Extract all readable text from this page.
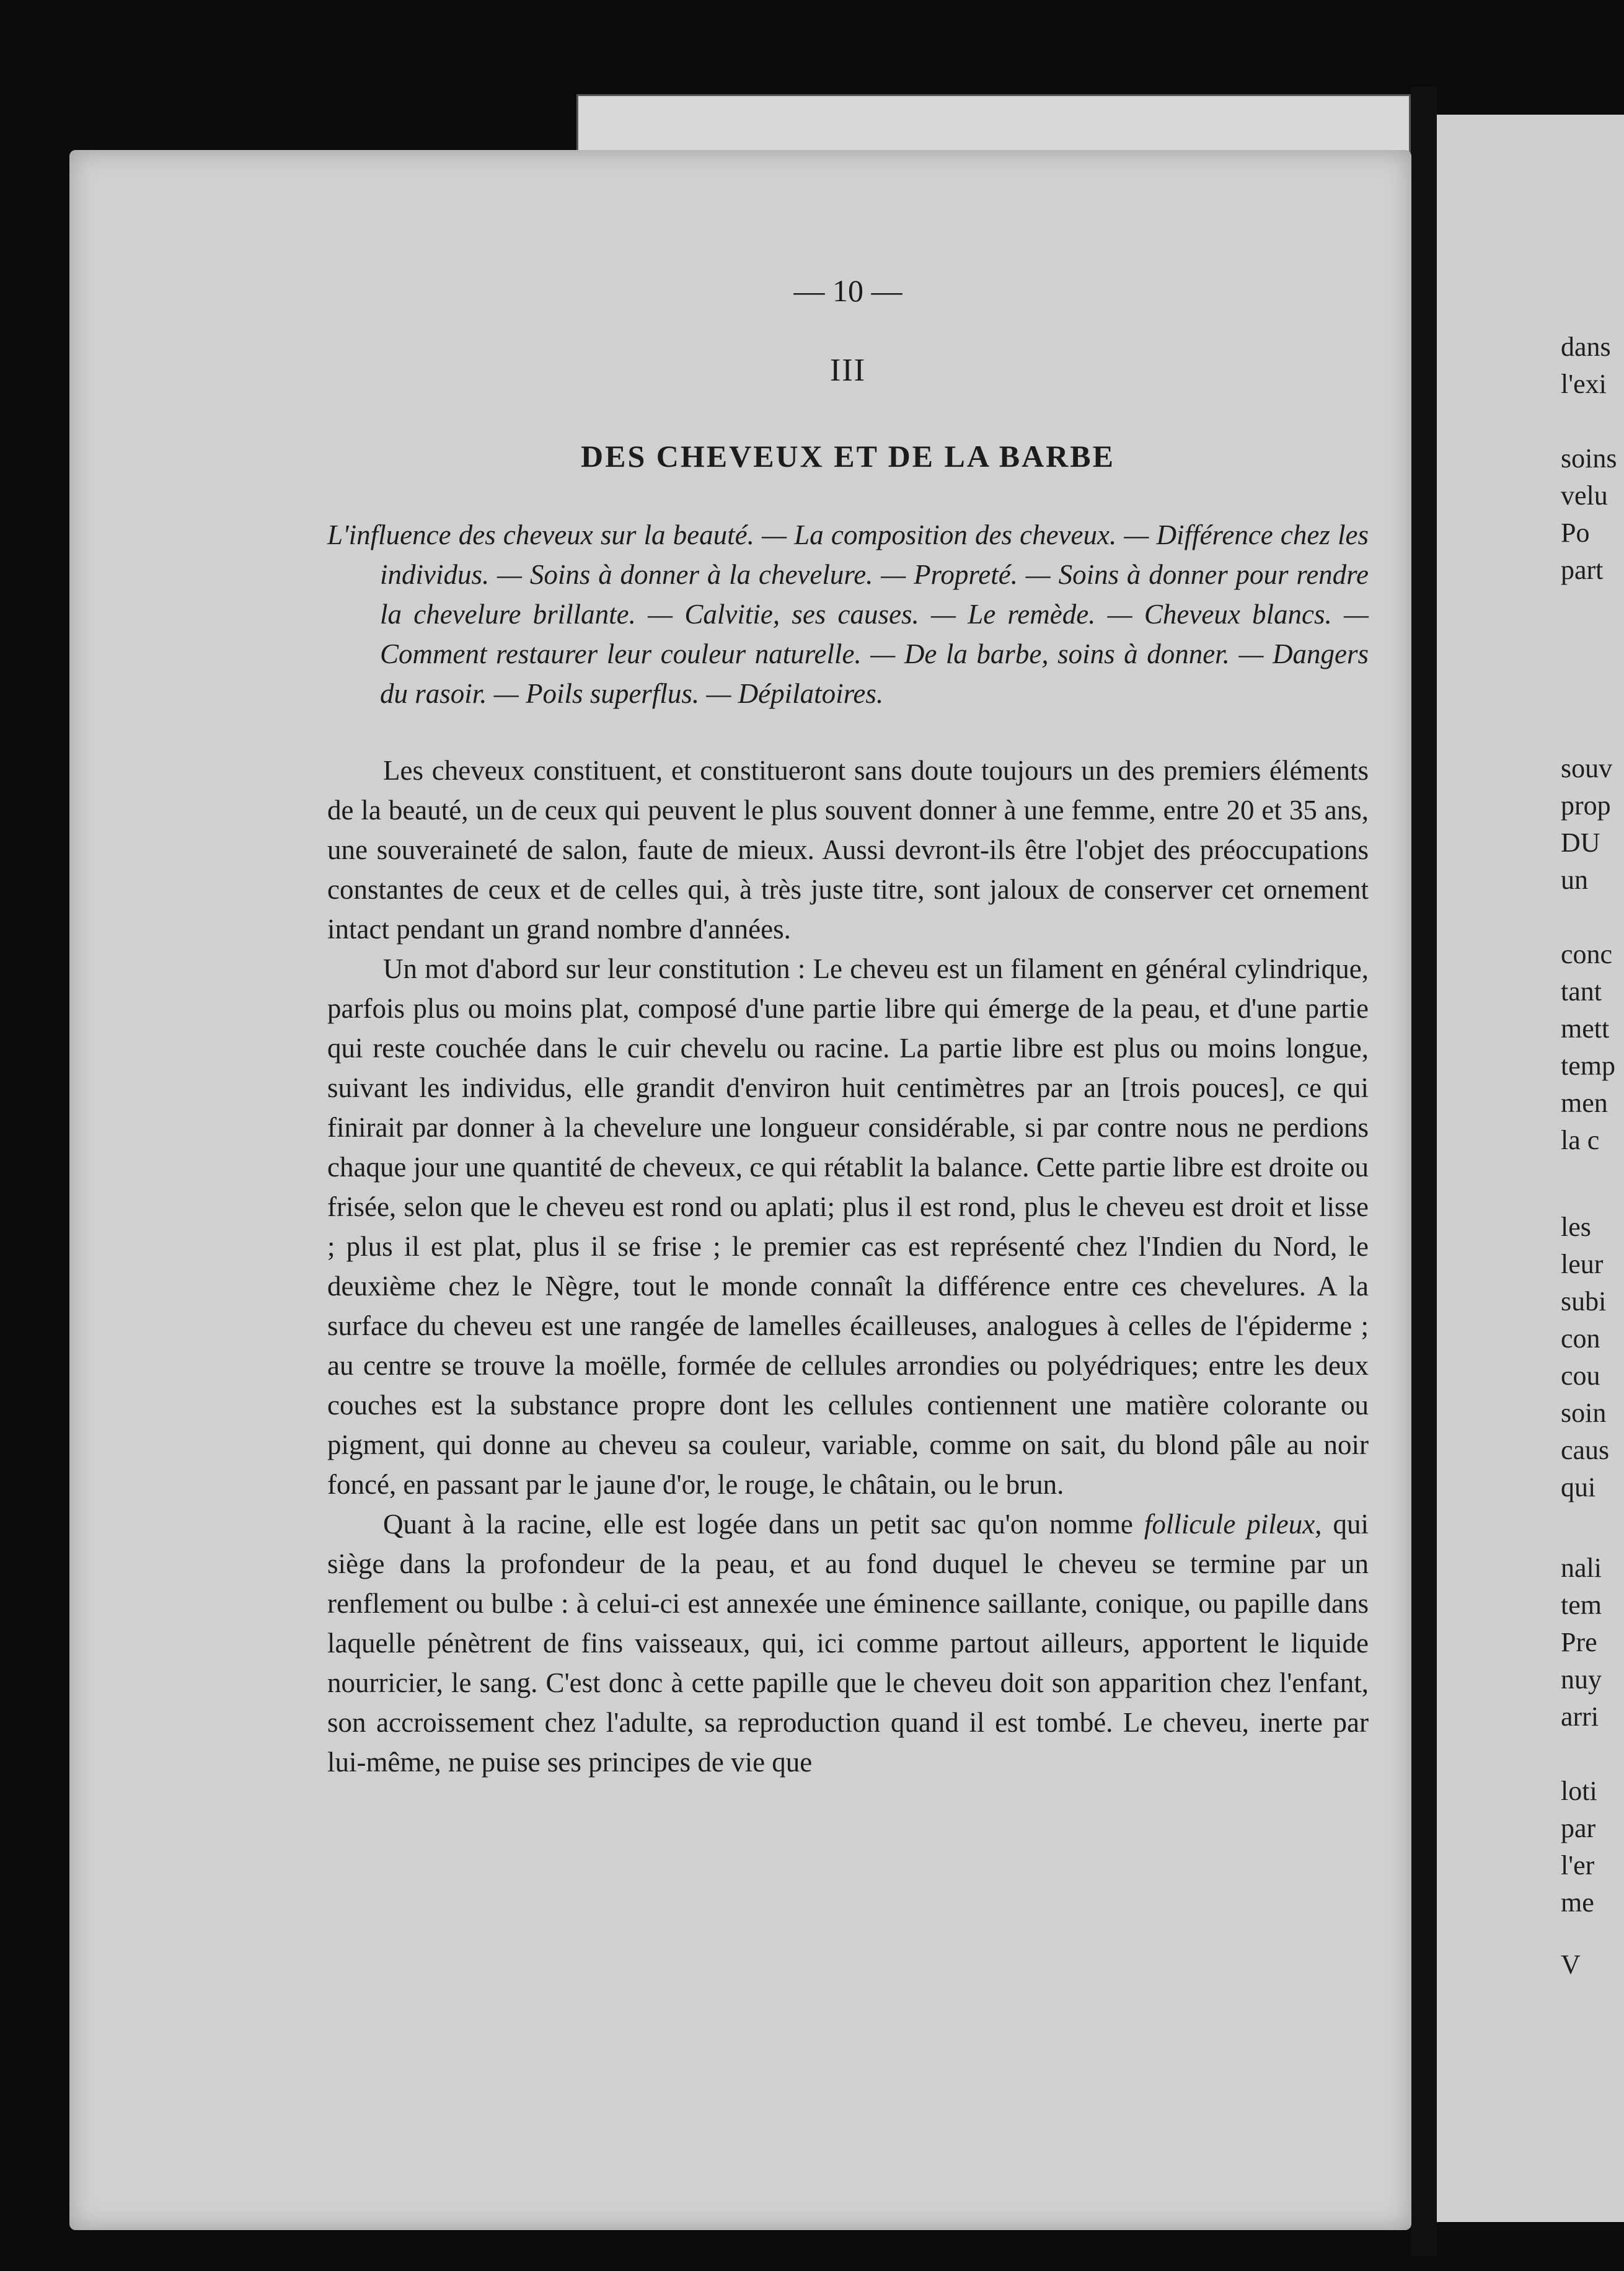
— 10 —

III

DES CHEVEUX ET DE LA BARBE

L'influence des cheveux sur la beauté. — La composition des cheveux. — Différence chez les individus. — Soins à donner à la chevelure. — Propreté. — Soins à donner pour rendre la chevelure brillante. — Calvitie, ses causes. — Le remède. — Cheveux blancs. — Comment restaurer leur couleur naturelle. — De la barbe, soins à donner. — Dangers du rasoir. — Poils superflus. — Dépilatoires.

Les cheveux constituent, et constitueront sans doute toujours un des premiers éléments de la beauté, un de ceux qui peuvent le plus souvent donner à une femme, entre 20 et 35 ans, une souveraineté de salon, faute de mieux. Aussi devront-ils être l'objet des préoccupations constantes de ceux et de celles qui, à très juste titre, sont jaloux de conserver cet ornement intact pendant un grand nombre d'années.

Un mot d'abord sur leur constitution : Le cheveu est un filament en général cylindrique, parfois plus ou moins plat, composé d'une partie libre qui émerge de la peau, et d'une partie qui reste couchée dans le cuir chevelu ou racine. La partie libre est plus ou moins longue, suivant les individus, elle grandit d'environ huit centimètres par an [trois pouces], ce qui finirait par donner à la chevelure une longueur considérable, si par contre nous ne perdions chaque jour une quantité de cheveux, ce qui rétablit la balance. Cette partie libre est droite ou frisée, selon que le cheveu est rond ou aplati; plus il est rond, plus le cheveu est droit et lisse ; plus il est plat, plus il se frise ; le premier cas est représenté chez l'Indien du Nord, le deuxième chez le Nègre, tout le monde connaît la différence entre ces chevelures. A la surface du cheveu est une rangée de lamelles écailleuses, analogues à celles de l'épiderme ; au centre se trouve la moëlle, formée de cellules arrondies ou polyédriques; entre les deux couches est la substance propre dont les cellules contiennent une matière colorante ou pigment, qui donne au cheveu sa couleur, variable, comme on sait, du blond pâle au noir foncé, en passant par le jaune d'or, le rouge, le châtain, ou le brun.

Quant à la racine, elle est logée dans un petit sac qu'on nomme follicule pileux, qui siège dans la profondeur de la peau, et au fond duquel le cheveu se termine par un renflement ou bulbe : à celui-ci est annexée une éminence saillante, conique, ou papille dans laquelle pénètrent de fins vaisseaux, qui, ici comme partout ailleurs, apportent le liquide nourricier, le sang. C'est donc à cette papille que le cheveu doit son apparition chez l'enfant, son accroissement chez l'adulte, sa reproduction quand il est tombé. Le cheveu, inerte par lui-même, ne puise ses principes de vie que

dans

l'exi

soins

velu

Po

part

souv

prop

DU

un

conc

tant

mett

temp

men

la c

les

leur

subi

con

cou

soin

caus

qui

nali

tem

Pre

nuy

arri

loti

par

l'er

me

V
